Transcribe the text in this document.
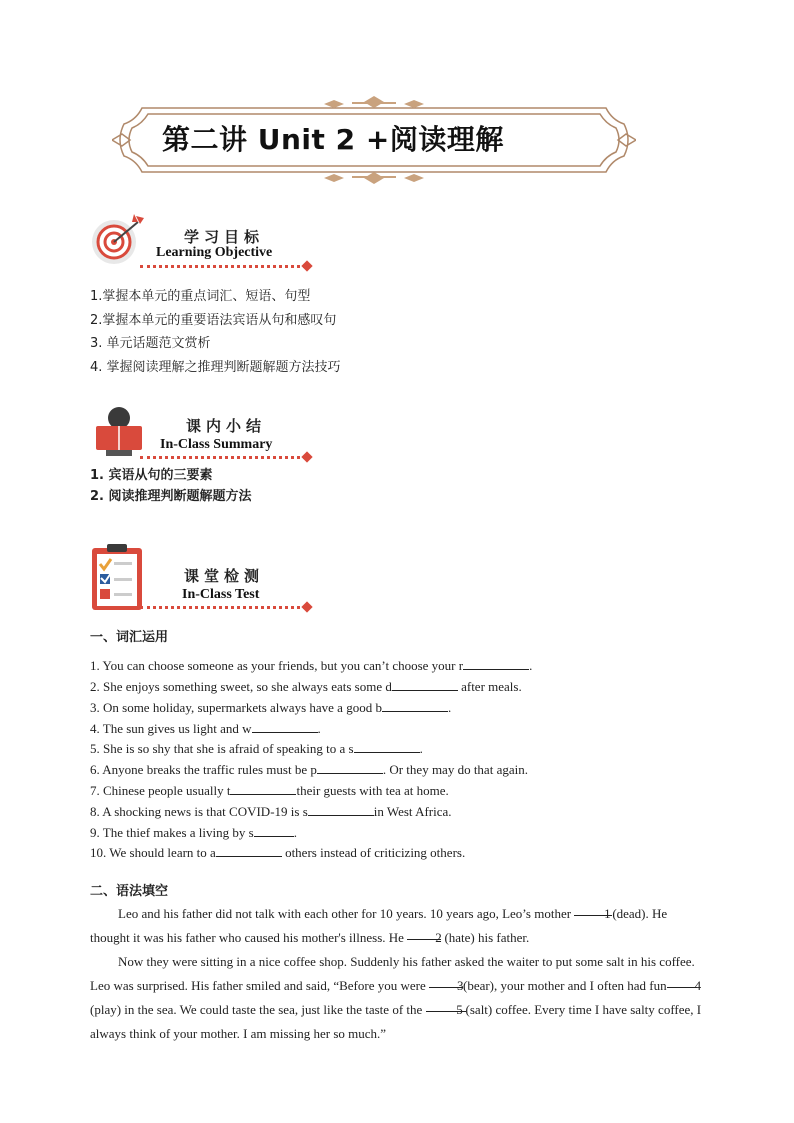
第二讲 Unit 2 +阅读理解
学习目标
Learning Objective
1.掌握本单元的重点词汇、短语、句型
2.掌握本单元的重要语法宾语从句和感叹句
3. 单元话题范文赏析
4. 掌握阅读理解之推理判断题解题方法技巧
课内小结
In-Class Summary
1. 宾语从句的三要素
2. 阅读推理判断题解题方法
课堂检测
In-Class Test
一、词汇运用
1. You can choose someone as your friends, but you can’t choose your r	.
2. She enjoys something sweet, so she always eats some d	after meals.
3. On some holiday, supermarkets always have a good b	.
4. The sun gives us light and w	.
5. She is so shy that she is afraid of speaking to a s	.
6. Anyone breaks the traffic rules must be p	. Or they may do that again.
7. Chinese people usually t	their guests with tea at home.
8. A shocking news is that COVID-19 is s	in West Africa.
9. The thief makes a living by s	.
10. We should learn to a	others instead of criticizing others.
二、语法填空
Leo and his father did not talk with each other for 10 years. 10 years ago, Leo’s mother 1 (dead). He thought it was his father who caused his mother's illness. He 2 (hate) his father.
Now they were sitting in a nice coffee shop. Suddenly his father asked the waiter to put some salt in his coffee. Leo was surprised. His father smiled and said, “Before you were 3(bear), your mother and I often had fun 4 (play) in the sea. We could taste the sea, just like the taste of the 5 (salt) coffee. Every time I have salty coffee, I always think of your mother. I am missing her so much.”
